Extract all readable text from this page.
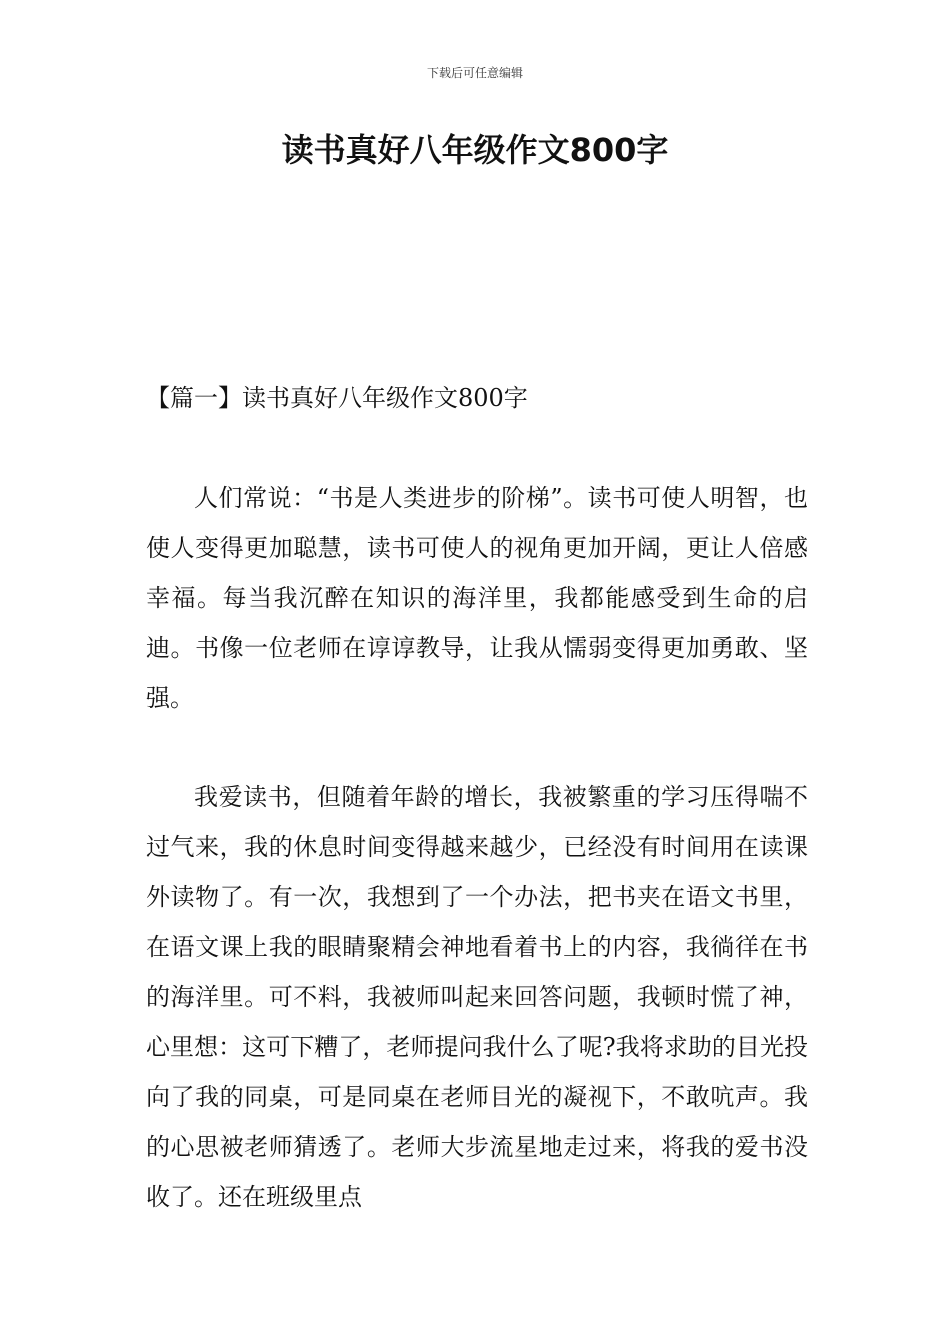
下载后可任意编辑
读书真好八年级作文800字
【篇一】读书真好八年级作文800字

人们常说：“书是人类进步的阶梯”。读书可使人明智，也使人变得更加聪慧，读书可使人的视角更加开阔，更让人倍感幸福。每当我沉醉在知识的海洋里，我都能感受到生命的启迪。书像一位老师在谆谆教导，让我从懦弱变得更加勇敢、坚强。

我爱读书，但随着年龄的增长，我被繁重的学习压得喘不过气来，我的休息时间变得越来越少，已经没有时间用在读课外读物了。有一次，我想到了一个办法，把书夹在语文书里，在语文课上我的眼睛聚精会神地看着书上的内容，我徜徉在书的海洋里。可不料，我被师叫起来回答问题，我顿时慌了神，心里想：这可下糟了，老师提问我什么了呢?我将求助的目光投向了我的同桌，可是同桌在老师目光的凝视下，不敢吭声。我的心思被老师猜透了。老师大步流星地走过来，将我的爱书没收了。还在班级里点
